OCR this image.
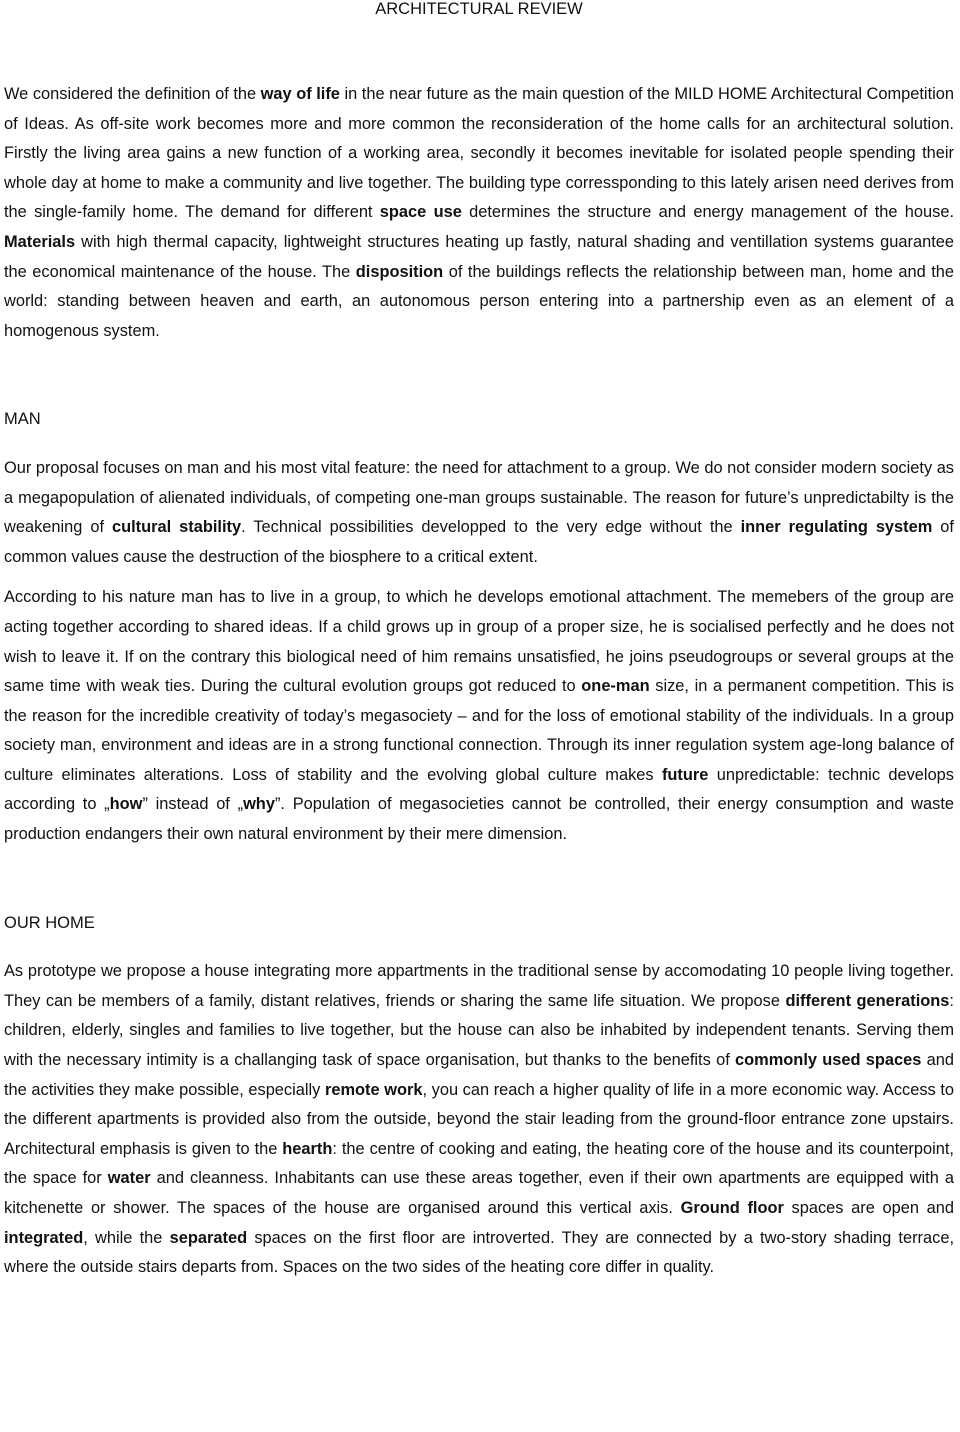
ARCHITECTURAL REVIEW

We considered the definition of the way of life in the near future as the main question of the MILD HOME Architectural Competition of Ideas. As off-site work becomes more and more common the reconsideration of the home calls for an architectural solution. Firstly the living area gains a new function of a working area, secondly it becomes inevitable for isolated people spending their whole day at home to make a community and live together. The building type corressponding to this lately arisen need derives from the single-family home. The demand for different space use determines the structure and energy management of the house. Materials with high thermal capacity, lightweight structures heating up fastly, natural shading and ventillation systems guarantee the economical maintenance of the house. The disposition of the buildings reflects the relationship between man, home and the world: standing between heaven and earth, an autonomous person entering into a partnership even as an element of a homogenous system.

MAN

Our proposal focuses on man and his most vital feature: the need for attachment to a group. We do not consider modern society as a megapopulation of alienated individuals, of competing one-man groups sustainable. The reason for future’s unpredictabilty is the weakening of cultural stability. Technical possibilities developped to the very edge without the inner regulating system of common values cause the destruction of the biosphere to a critical extent.

According to his nature man has to live in a group, to which he develops emotional attachment. The memebers of the group are acting together according to shared ideas. If a child grows up in group of a proper size, he is socialised perfectly and he does not wish to leave it. If on the contrary this biological need of him remains unsatisfied, he joins pseudogroups or several groups at the same time with weak ties. During the cultural evolution groups got reduced to one-man size, in a permanent competition. This is the reason for the incredible creativity of today’s megasociety – and for the loss of emotional stability of the individuals. In a group society man, environment and ideas are in a strong functional connection. Through its inner regulation system age-long balance of culture eliminates alterations. Loss of stability and the evolving global culture makes future unpredictable: technic develops according to „how” instead of „why”. Population of megasocieties cannot be controlled, their energy consumption and waste production endangers their own natural environment by their mere dimension.

OUR HOME

As prototype we propose a house integrating more appartments in the traditional sense by accomodating 10 people living together. They can be members of a family, distant relatives, friends or sharing the same life situation. We propose different generations: children, elderly, singles and families to live together, but the house can also be inhabited by independent tenants. Serving them with the necessary intimity is a challanging task of space organisation, but thanks to the benefits of commonly used spaces and the activities they make possible, especially remote work, you can reach a higher quality of life in a more economic way. Access to the different apartments is provided also from the outside, beyond the stair leading from the ground-floor entrance zone upstairs. Architectural emphasis is given to the hearth: the centre of cooking and eating, the heating core of the house and its counterpoint, the space for water and cleanness. Inhabitants can use these areas together, even if their own apartments are equipped with a kitchenette or shower. The spaces of the house are organised around this vertical axis. Ground floor spaces are open and integrated, while the separated spaces on the first floor are introverted. They are connected by a two-story shading terrace, where the outside stairs departs from. Spaces on the two sides of the heating core differ in quality.
